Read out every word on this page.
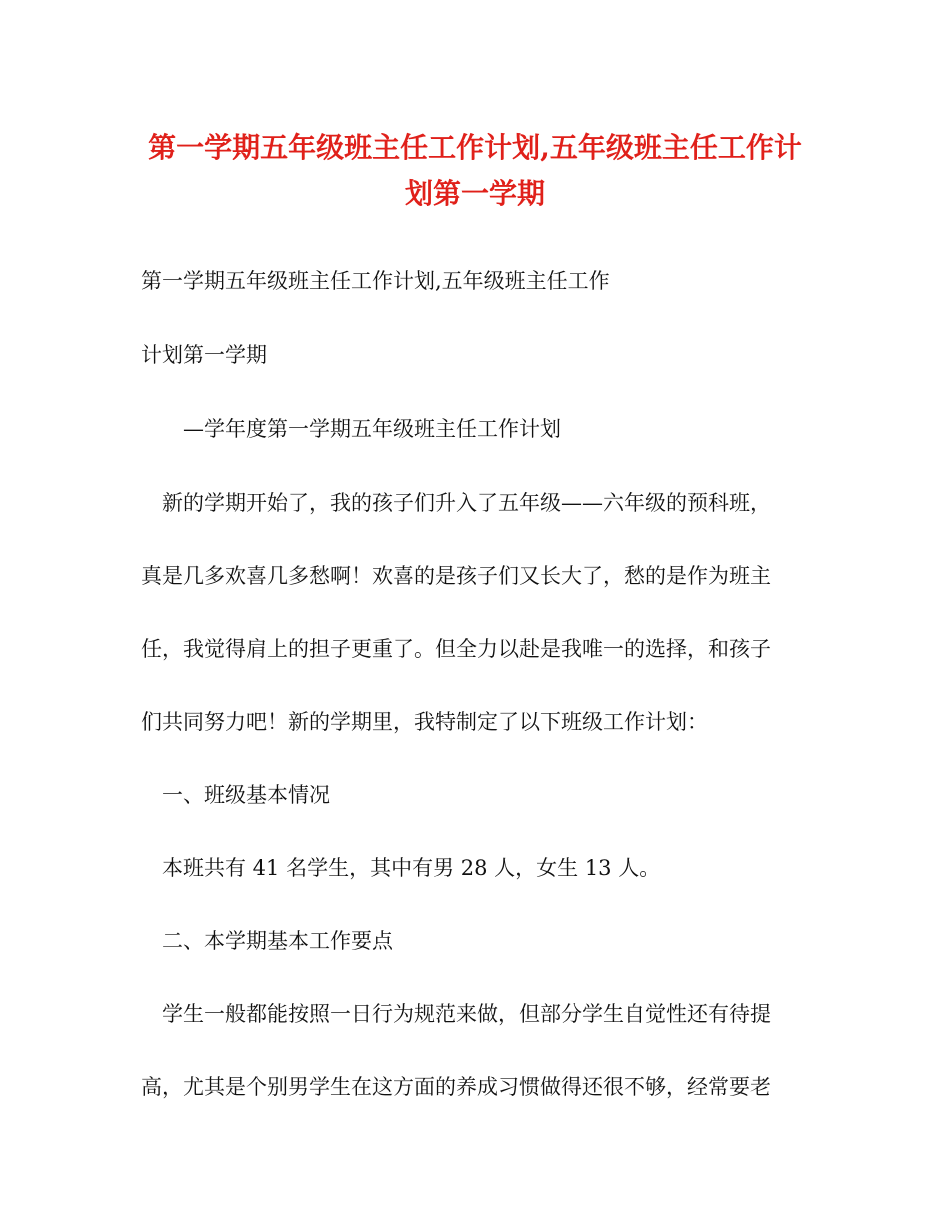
第一学期五年级班主任工作计划,五年级班主任工作计
划第一学期

第一学期五年级班主任工作计划,五年级班主任工作

计划第一学期

—学年度第一学期五年级班主任工作计划

新的学期开始了，我的孩子们升入了五年级——六年级的预科班，

真是几多欢喜几多愁啊！欢喜的是孩子们又长大了，愁的是作为班主

任，我觉得肩上的担子更重了。但全力以赴是我唯一的选择，和孩子

们共同努力吧！新的学期里，我特制定了以下班级工作计划：

一、班级基本情况

本班共有 41 名学生，其中有男 28 人，女生 13 人。

二、本学期基本工作要点

学生一般都能按照一日行为规范来做，但部分学生自觉性还有待提

高，尤其是个别男学生在这方面的养成习惯做得还很不够，经常要老
